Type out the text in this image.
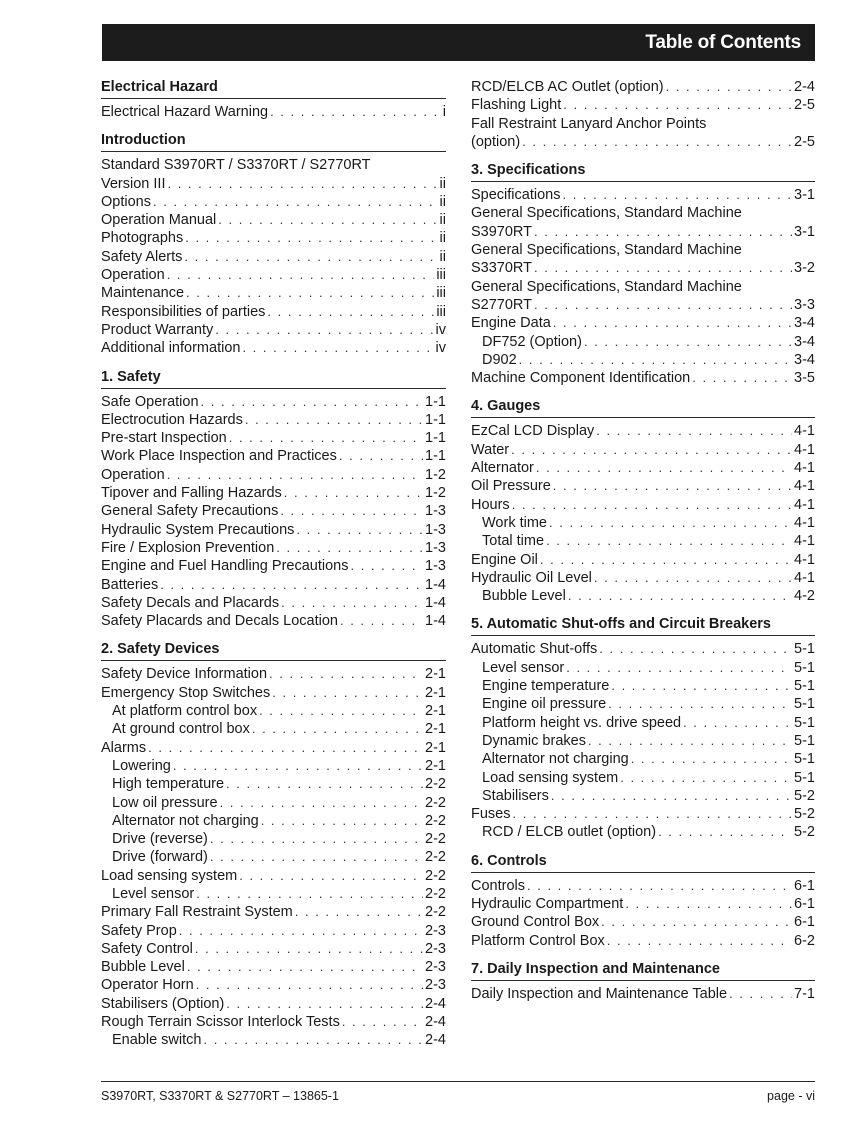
Table of Contents
Electrical Hazard
Electrical Hazard Warning . . .	i
Introduction
Standard S3970RT / S3370RT / S2770RT
Version III . . .	ii
Options . . .	ii
Operation Manual . . .	ii
Photographs . . .	ii
Safety Alerts . . .	ii
Operation . . .	iii
Maintenance . . .	iii
Responsibilities of parties . . .	iii
Product Warranty . . .	iv
Additional information . . .	iv
1. Safety
Safe Operation . . .	1-1
Electrocution Hazards . . .	1-1
Pre-start Inspection . . .	1-1
Work Place Inspection and Practices . . .	1-1
Operation . . .	1-2
Tipover and Falling Hazards . . .	1-2
General Safety Precautions . . .	1-3
Hydraulic System Precautions . . .	1-3
Fire / Explosion Prevention . . .	1-3
Engine and Fuel Handling Precautions . . .	1-3
Batteries . . .	1-4
Safety Decals and Placards . . .	1-4
Safety Placards and Decals Location . . .	1-4
2. Safety Devices
Safety Device Information . . .	2-1
Emergency Stop Switches . . .	2-1
At platform control box . . .	2-1
At ground control box . . .	2-1
Alarms . . .	2-1
Lowering . . .	2-1
High temperature . . .	2-2
Low oil pressure . . .	2-2
Alternator not charging . . .	2-2
Drive (reverse) . . .	2-2
Drive (forward) . . .	2-2
Load sensing system . . .	2-2
Level sensor . . .	2-2
Primary Fall Restraint System . . .	2-2
Safety Prop . . .	2-3
Safety Control . . .	2-3
Bubble Level . . .	2-3
Operator Horn . . .	2-3
Stabilisers (Option) . . .	2-4
Rough Terrain Scissor Interlock Tests . . .	2-4
Enable switch . . .	2-4
RCD/ELCB AC Outlet (option) . . .	2-4
Flashing Light . . .	2-5
Fall Restraint Lanyard Anchor Points
(option) . . .	2-5
3. Specifications
Specifications . . .	3-1
General Specifications, Standard Machine
S3970RT . . .	3-1
General Specifications, Standard Machine
S3370RT . . .	3-2
General Specifications, Standard Machine
S2770RT . . .	3-3
Engine Data . . .	3-4
DF752 (Option) . . .	3-4
D902 . . .	3-4
Machine Component Identification . . .	3-5
4. Gauges
EzCal LCD Display . . .	4-1
Water . . .	4-1
Alternator . . .	4-1
Oil Pressure . . .	4-1
Hours . . .	4-1
Work time . . .	4-1
Total time . . .	4-1
Engine Oil . . .	4-1
Hydraulic Oil Level . . .	4-1
Bubble Level . . .	4-2
5. Automatic Shut-offs and Circuit Breakers
Automatic Shut-offs . . .	5-1
Level sensor . . .	5-1
Engine temperature . . .	5-1
Engine oil pressure . . .	5-1
Platform height vs. drive speed . . .	5-1
Dynamic brakes . . .	5-1
Alternator not charging . . .	5-1
Load sensing system . . .	5-1
Stabilisers . . .	5-2
Fuses . . .	5-2
RCD / ELCB outlet (option) . . .	5-2
6. Controls
Controls . . .	6-1
Hydraulic Compartment . . .	6-1
Ground Control Box . . .	6-1
Platform Control Box . . .	6-2
7. Daily Inspection and Maintenance
Daily Inspection and Maintenance Table . . .	7-1
S3970RT, S3370RT & S2770RT – 13865-1	page - vi
